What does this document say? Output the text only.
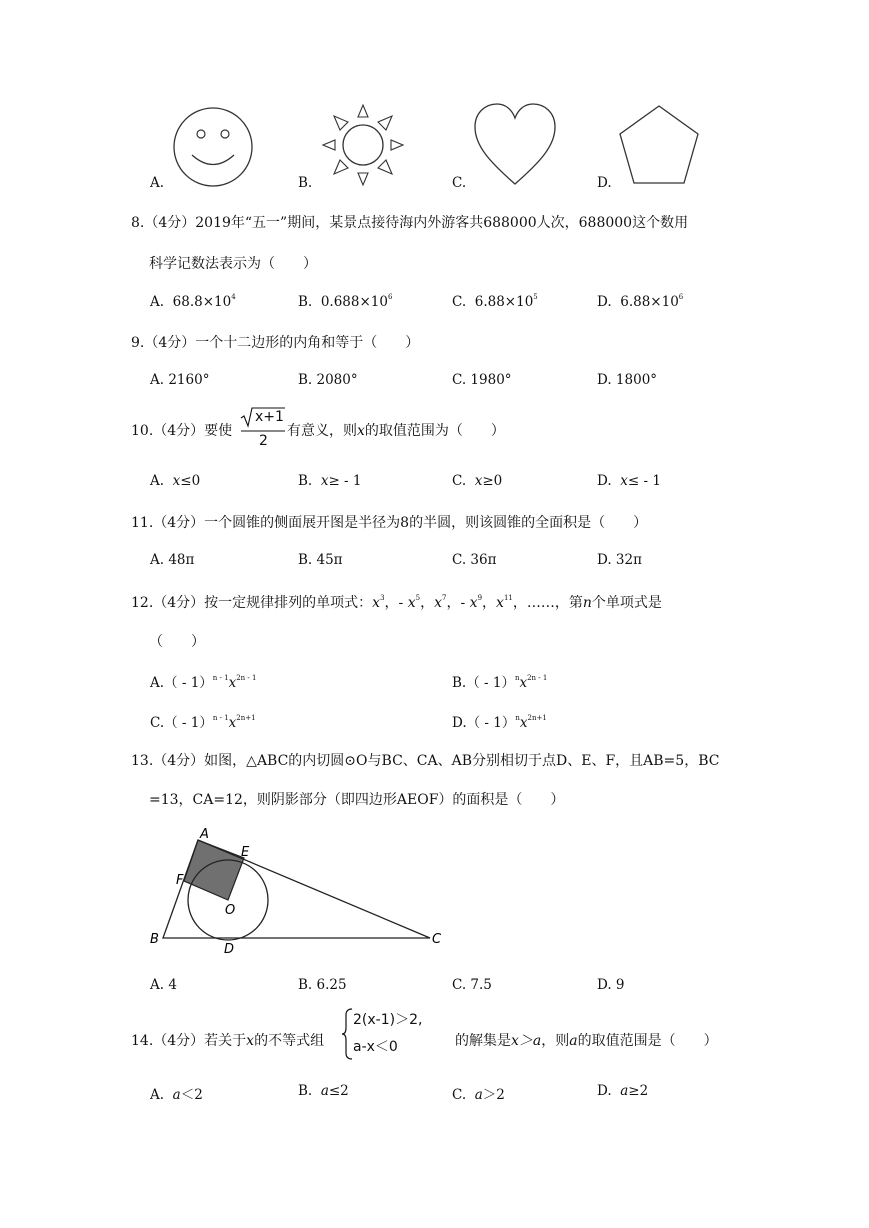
A.	B.	C.	D.
8.（4分）2019年“五一”期间，某景点接待海内外游客共688000人次，688000这个数用
科学记数法表示为（　　）
A. $68.8\times 10^4$	B. $0.688\times 10^6$	C. $6.88\times 10^5$	D. $6.88\times 10^6$
9.（4分）一个十二边形的内角和等于（　　）
A. 2160°	B. 2080°	C. 1980°	D. 1800°
10.（4分）要使
x+1
2
有意义，则x的取值范围为（　　）
A. x≤0	B. x≥ - 1	C. x≥0	D. x≤ - 1
11.（4分）一个圆锥的侧面展开图是半径为8的半圆，则该圆锥的全面积是（　　）
A. 48π	B. 45π	C. 36π	D. 32π
12.（4分）按一定规律排列的单项式：$x^3$，- $x^5$，$x^7$，- $x^9$，$x^{11}$，……，第n个单项式是
（　　）
$A.( - 1)^{n - 1}x^{2n - 1}$	$B.( - 1)^nx^{2n - 1}$
$C.( - 1)^{n - 1}x^{2n+1}$	$D.( - 1)^nx^{2n+1}$
13.（4分）如图，△ABC的内切圆⊙O与BC、CA、AB分别相切于点D、E、F，且AB=5，BC
=13，CA=12，则阴影部分（即四边形AEOF）的面积是（　　）
A
B	C
D
E
F
O
A. 4	B. 6.25	C. 7.5	D. 9
14.（4分）若关于x的不等式组
2(x-1)＞2,
a-x＜0	的解集是x＞a，则a的取值范围是（　　）
A. a＜2	B. a≤2	C. a＞2	D. a≥2
